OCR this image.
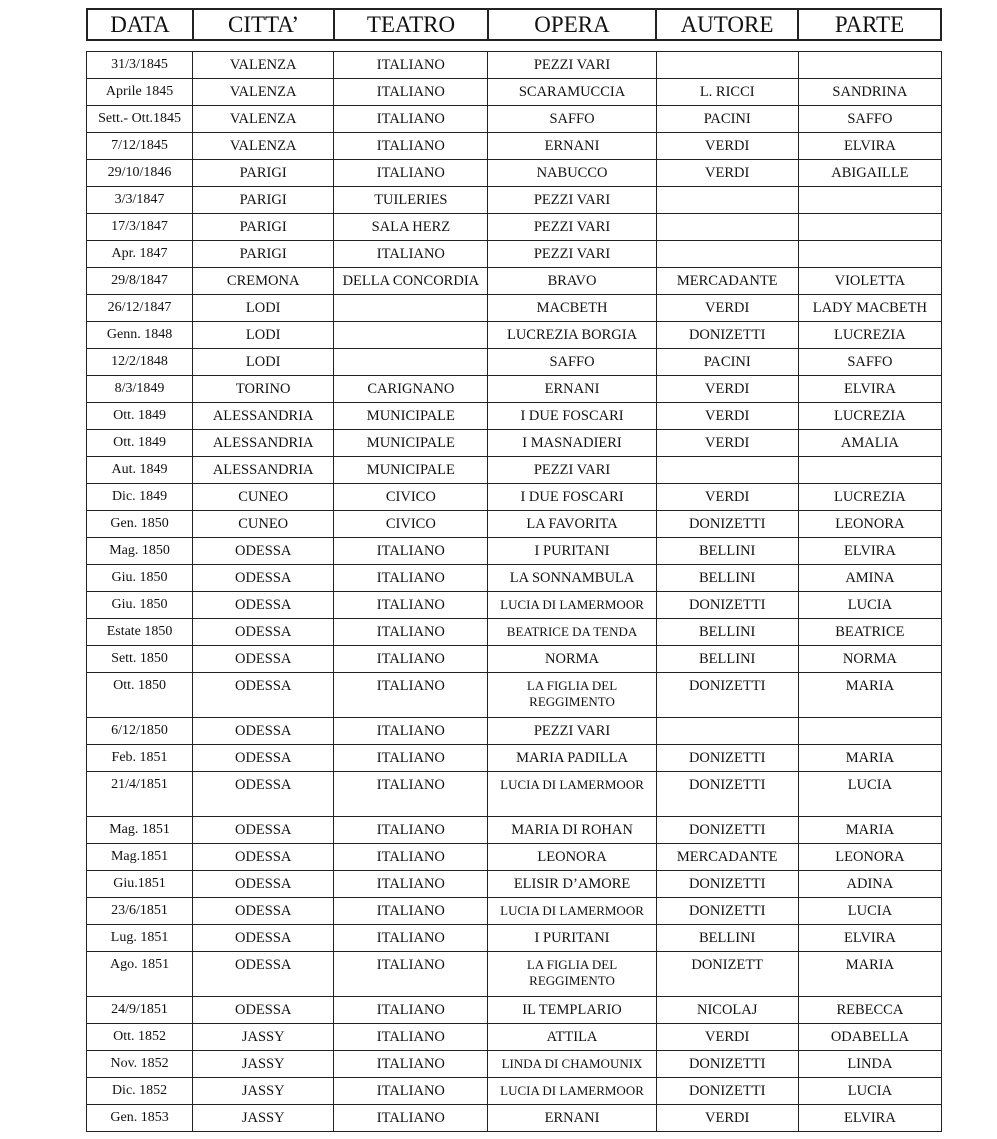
DATA	CITTA’	TEATRO	OPERA	AUTORE	PARTE
31/3/1845	VALENZA	ITALIANO	PEZZI VARI		
Aprile 1845	VALENZA	ITALIANO	SCARAMUCCIA	L. RICCI	SANDRINA
Sett.- Ott.1845	VALENZA	ITALIANO	SAFFO	PACINI	SAFFO
7/12/1845	VALENZA	ITALIANO	ERNANI	VERDI	ELVIRA
29/10/1846	PARIGI	ITALIANO	NABUCCO	VERDI	ABIGAILLE
3/3/1847	PARIGI	TUILERIES	PEZZI VARI		
17/3/1847	PARIGI	SALA HERZ	PEZZI VARI		
Apr. 1847	PARIGI	ITALIANO	PEZZI VARI		
29/8/1847	CREMONA	DELLA CONCORDIA	BRAVO	MERCADANTE	VIOLETTA
26/12/1847	LODI		MACBETH	VERDI	LADY MACBETH
Genn. 1848	LODI		LUCREZIA BORGIA	DONIZETTI	LUCREZIA
12/2/1848	LODI		SAFFO	PACINI	SAFFO
8/3/1849	TORINO	CARIGNANO	ERNANI	VERDI	ELVIRA
Ott. 1849	ALESSANDRIA	MUNICIPALE	I DUE FOSCARI	VERDI	LUCREZIA
Ott. 1849	ALESSANDRIA	MUNICIPALE	I MASNADIERI	VERDI	AMALIA
Aut. 1849	ALESSANDRIA	MUNICIPALE	PEZZI VARI		
Dic. 1849	CUNEO	CIVICO	I DUE FOSCARI	VERDI	LUCREZIA
Gen. 1850	CUNEO	CIVICO	LA FAVORITA	DONIZETTI	LEONORA
Mag. 1850	ODESSA	ITALIANO	I PURITANI	BELLINI	ELVIRA
Giu. 1850	ODESSA	ITALIANO	LA SONNAMBULA	BELLINI	AMINA
Giu. 1850	ODESSA	ITALIANO	LUCIA DI LAMERMOOR	DONIZETTI	LUCIA
Estate 1850	ODESSA	ITALIANO	BEATRICE DA TENDA	BELLINI	BEATRICE
Sett. 1850	ODESSA	ITALIANO	NORMA	BELLINI	NORMA
Ott. 1850	ODESSA	ITALIANO	LA FIGLIA DEL REGGIMENTO	DONIZETTI	MARIA
6/12/1850	ODESSA	ITALIANO	PEZZI VARI		
Feb. 1851	ODESSA	ITALIANO	MARIA PADILLA	DONIZETTI	MARIA
21/4/1851	ODESSA	ITALIANO	LUCIA DI LAMERMOOR	DONIZETTI	LUCIA
Mag. 1851	ODESSA	ITALIANO	MARIA DI ROHAN	DONIZETTI	MARIA
Mag.1851	ODESSA	ITALIANO	LEONORA	MERCADANTE	LEONORA
Giu.1851	ODESSA	ITALIANO	ELISIR D’AMORE	DONIZETTI	ADINA
23/6/1851	ODESSA	ITALIANO	LUCIA DI LAMERMOOR	DONIZETTI	LUCIA
Lug. 1851	ODESSA	ITALIANO	I PURITANI	BELLINI	ELVIRA
Ago. 1851	ODESSA	ITALIANO	LA FIGLIA DEL REGGIMENTO	DONIZETT	MARIA
24/9/1851	ODESSA	ITALIANO	IL TEMPLARIO	NICOLAJ	REBECCA
Ott. 1852	JASSY	ITALIANO	ATTILA	VERDI	ODABELLA
Nov. 1852	JASSY	ITALIANO	LINDA DI CHAMOUNIX	DONIZETTI	LINDA
Dic. 1852	JASSY	ITALIANO	LUCIA DI LAMERMOOR	DONIZETTI	LUCIA
Gen. 1853	JASSY	ITALIANO	ERNANI	VERDI	ELVIRA
